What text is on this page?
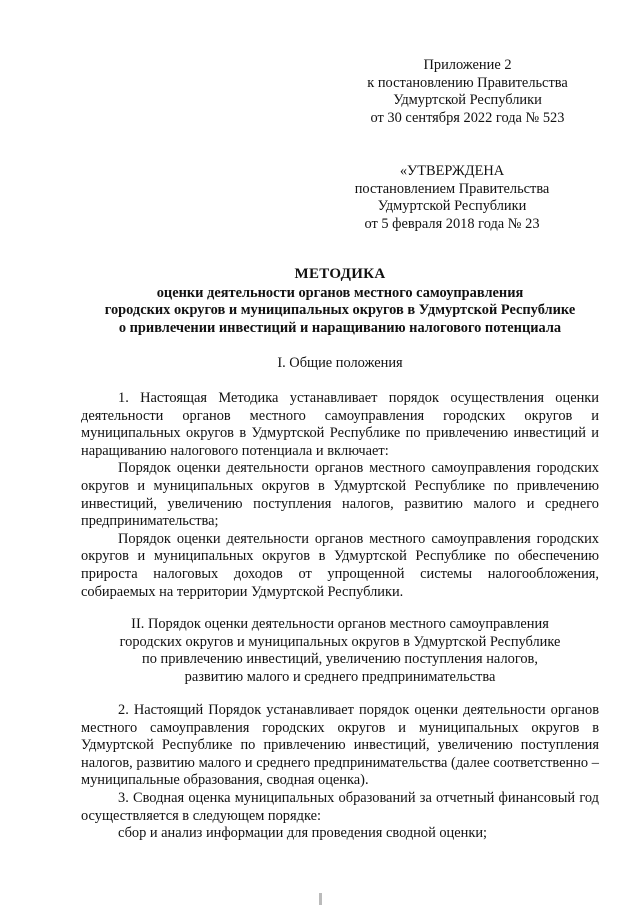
Приложение 2
к постановлению Правительства
Удмуртской Республики
от 30 сентября 2022 года № 523
«УТВЕРЖДЕНА
постановлением Правительства
Удмуртской Республики
от 5 февраля 2018 года № 23
МЕТОДИКА
оценки деятельности органов местного самоуправления
городских округов и муниципальных округов в Удмуртской Республике
о привлечении инвестиций и наращиванию налогового потенциала
I. Общие положения

1. Настоящая Методика устанавливает порядок осуществления оценки деятельности органов местного самоуправления городских округов и муниципальных округов в Удмуртской Республике по привлечению инвестиций и наращиванию налогового потенциала и включает:

Порядок оценки деятельности органов местного самоуправления городских округов и муниципальных округов в Удмуртской Республике по привлечению инвестиций, увеличению поступления налогов, развитию малого и среднего предпринимательства;

Порядок оценки деятельности органов местного самоуправления городских округов и муниципальных округов в Удмуртской Республике по обеспечению прироста налоговых доходов от упрощенной системы налогообложения, собираемых на территории Удмуртской Республики.

II. Порядок оценки деятельности органов местного самоуправления
городских округов и муниципальных округов в Удмуртской Республике
по привлечению инвестиций, увеличению поступления налогов,
развитию малого и среднего предпринимательства

2. Настоящий Порядок устанавливает порядок оценки деятельности органов местного самоуправления городских округов и муниципальных округов в Удмуртской Республике по привлечению инвестиций, увеличению поступления налогов, развитию малого и среднего предпринимательства (далее соответственно – муниципальные образования, сводная оценка).

3. Сводная оценка муниципальных образований за отчетный финансовый год осуществляется в следующем порядке:

сбор и анализ информации для проведения сводной оценки;
